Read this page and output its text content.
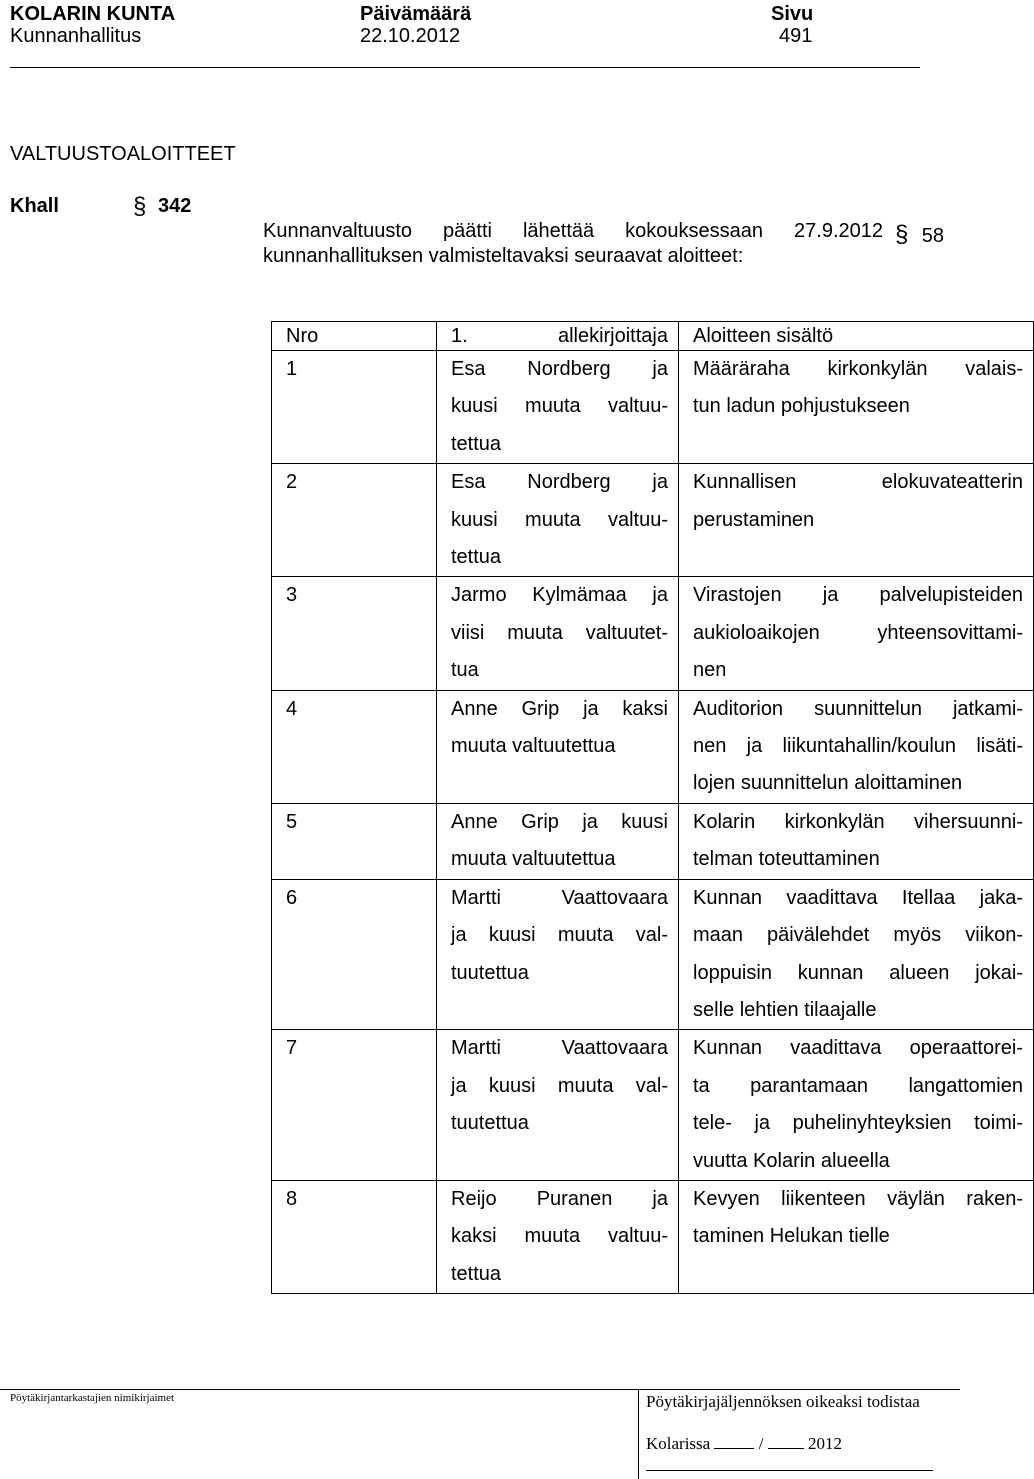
KOLARIN KUNTA
Kunnanhallitus
Päivämäärä
22.10.2012
Sivu
491
VALTUUSTOALOITTEET
Khall	§ 342
Kunnanvaltuusto päätti lähettää kokouksessaan 27.9.2012 § 58
kunnanhallituksen valmisteltavaksi seuraavat aloitteet:
Nro	1. allekirjoittaja	Aloitteen sisältö
1	Esa Nordberg ja
kuusi muuta valtuu-
tettua	Määräraha kirkonkylän valais-
tun ladun pohjustukseen

2	Esa Nordberg ja
kuusi muuta valtuu-
tettua	Kunnallisen elokuvateatterin
perustaminen

3	Jarmo Kylmämaa ja
viisi muuta valtuutet-
tua	Virastojen ja palvelupisteiden
aukioloaikojen yhteensovittami-
nen

4	Anne Grip ja kaksi
muuta valtuutettua	Auditorion suunnittelun jatkami-
nen ja liikuntahallin/koulun lisäti-
lojen suunnittelun aloittaminen

5	Anne Grip ja kuusi
muuta valtuutettua	Kolarin kirkonkylän vihersuunni-
telman toteuttaminen

6	Martti Vaattovaara
ja kuusi muuta val-
tuutettua	Kunnan vaadittava Itellaa jaka-
maan päivälehdet myös viikon-
loppuisin kunnan alueen jokai-
selle lehtien tilaajalle

7	Martti Vaattovaara
ja kuusi muuta val-
tuutettua	Kunnan vaadittava operaattorei-
ta parantamaan langattomien
tele- ja puhelinyhteyksien toimi-
vuutta Kolarin alueella

8	Reijo Puranen ja
kaksi muuta valtuu-
tettua	Kevyen liikenteen väylän raken-
taminen Helukan tielle
Pöytäkirjantarkastajien nimikirjaimet	Pöytäkirjajäljennöksen oikeaksi todistaa
Kolarissa	/	2012
